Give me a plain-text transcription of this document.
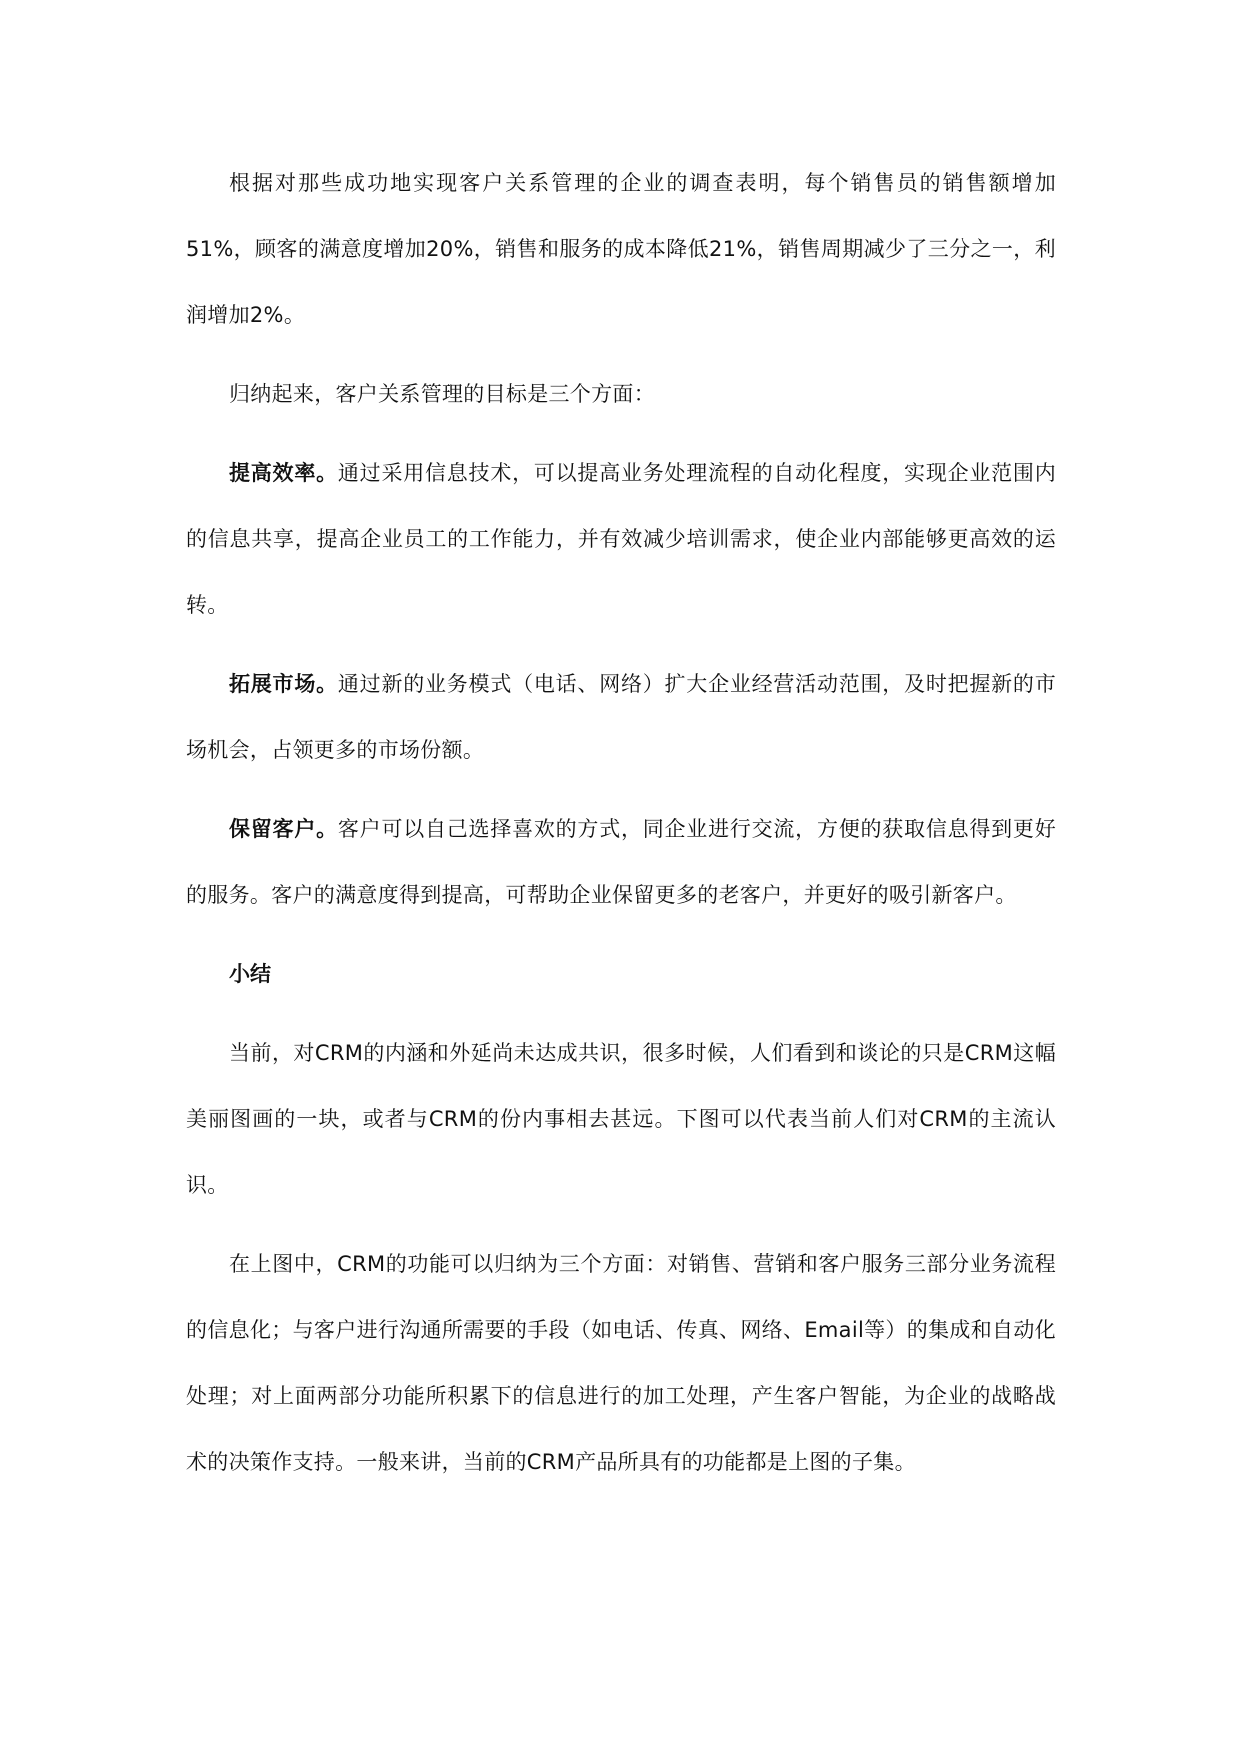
根据对那些成功地实现客户关系管理的企业的调查表明，每个销售员的销售额增加51%，顾客的满意度增加20%，销售和服务的成本降低21%，销售周期减少了三分之一，利润增加2%。

归纳起来，客户关系管理的目标是三个方面：

提高效率。通过采用信息技术，可以提高业务处理流程的自动化程度，实现企业范围内的信息共享，提高企业员工的工作能力，并有效减少培训需求，使企业内部能够更高效的运转。

拓展市场。通过新的业务模式（电话、网络）扩大企业经营活动范围，及时把握新的市场机会，占领更多的市场份额。

保留客户。客户可以自己选择喜欢的方式，同企业进行交流，方便的获取信息得到更好的服务。客户的满意度得到提高，可帮助企业保留更多的老客户，并更好的吸引新客户。

小结

当前，对CRM的内涵和外延尚未达成共识，很多时候，人们看到和谈论的只是CRM这幅美丽图画的一块，或者与CRM的份内事相去甚远。下图可以代表当前人们对CRM的主流认识。

在上图中，CRM的功能可以归纳为三个方面：对销售、营销和客户服务三部分业务流程的信息化；与客户进行沟通所需要的手段（如电话、传真、网络、Email等）的集成和自动化处理；对上面两部分功能所积累下的信息进行的加工处理，产生客户智能，为企业的战略战术的决策作支持。一般来讲，当前的CRM产品所具有的功能都是上图的子集。
